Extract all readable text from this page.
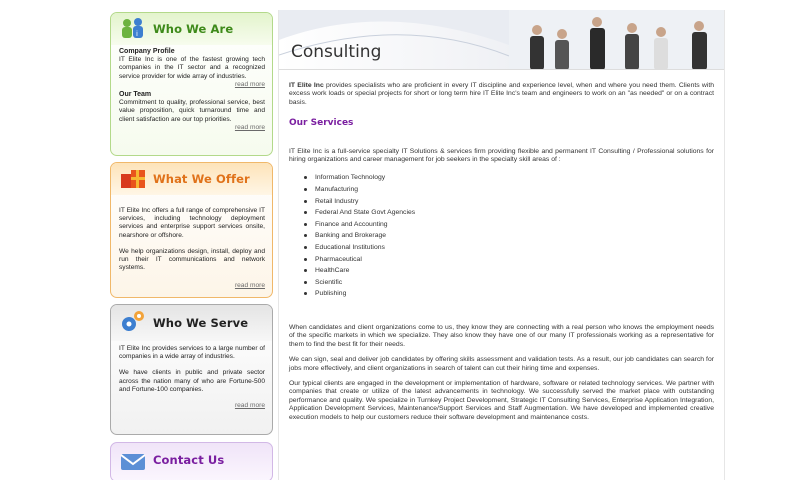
i Who We Are
Company Profile

IT Elite Inc is one of the fastest growing tech companies in the IT sector and a recognized service provider for wide array of industries.

read more
Our Team

Commitment to quality, professional service, best value proposition, quick turnaround time and client satisfaction are our top priorities.

read more
What We Offer

IT Elite Inc offers a full range of comprehensive IT services, including technology deployment services and enterprise support services onsite, nearshore or offshore.

We help organizations design, install, deploy and run their IT communications and network systems.

read more
Who We Serve

IT Elite Inc provides services to a large number of companies in a wide array of industries.

We have clients in public and private sector across the nation many of who are Fortune-500 and Fortune-100 companies.

read more
Contact Us
Consulting

IT Elite Inc provides specialists who are proficient in every IT discipline and experience level, when and where you need them. Clients with excess work loads or special projects for short or long term hire IT Elite Inc's team and engineers to work on an "as needed" or on a contract basis.

Our Services

IT Elite Inc is a full-service specialty IT Solutions & services firm providing flexible and permanent IT Consulting / Professional solutions for hiring organizations and career management for job seekers in the specialty skill areas of :

Information Technology
Manufacturing
Retail Industry
Federal And State Govt Agencies
Finance and Accounting
Banking and Brokerage
Educational Institutions
Pharmaceutical
HealthCare
Scientific
Publishing

When candidates and client organizations come to us, they know they are connecting with a real person who knows the employment needs of the specific markets in which we specialize. They also know they have one of our many IT professionals working as a representative for them to find the best fit for their needs.

We can sign, seal and deliver job candidates by offering skills assessment and validation tests. As a result, our job candidates can search for jobs more effectively, and client organizations in search of talent can cut their hiring time and expenses.

Our typical clients are engaged in the development or implementation of hardware, software or related technology services. We partner with companies that create or utilize of the latest advancements in technology. We successfully served the market place with outstanding performance and quality. We specialize in Turnkey Project Development, Strategic IT Consulting Services, Enterprise Application Integration, Application Development Services, Maintenance/Support Services and Staff Augmentation. We have developed and implemented creative execution models to help our customers reduce their software development and maintenance costs.
